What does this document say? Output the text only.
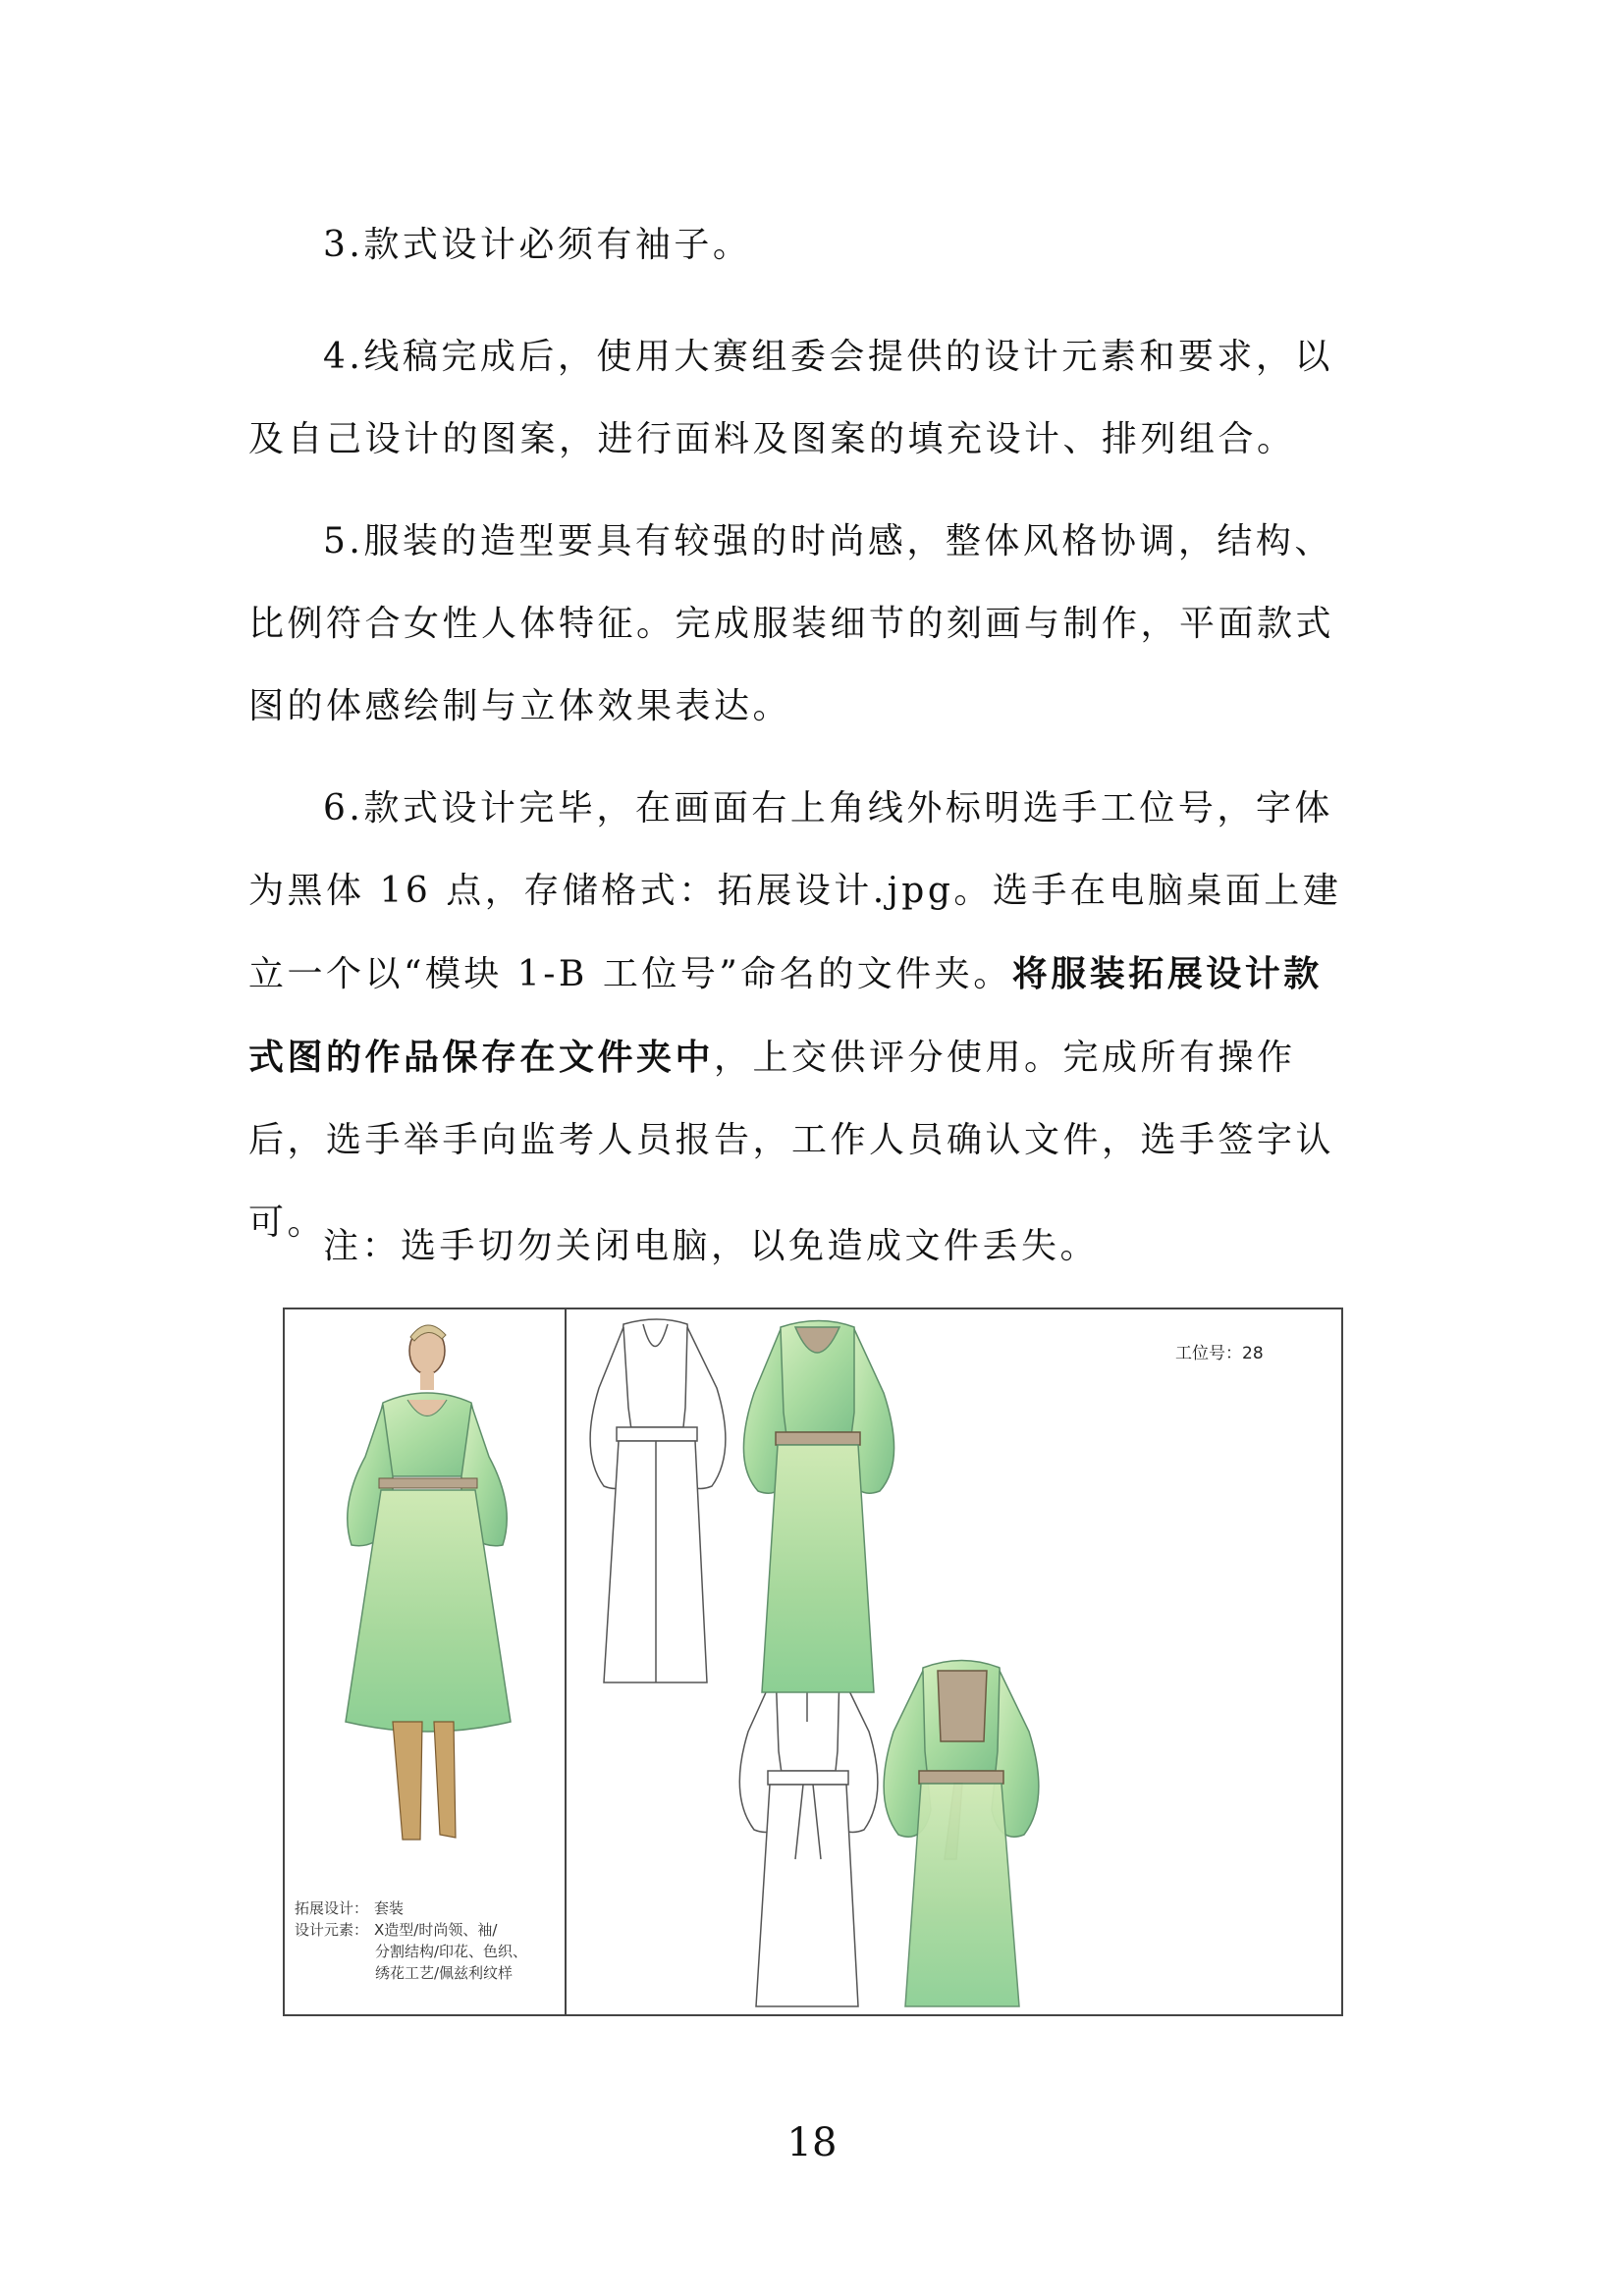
3.款式设计必须有袖子。

4.线稿完成后，使用大赛组委会提供的设计元素和要求，以及自己设计的图案，进行面料及图案的填充设计、排列组合。

5.服装的造型要具有较强的时尚感，整体风格协调，结构、比例符合女性人体特征。完成服装细节的刻画与制作，平面款式图的体感绘制与立体效果表达。

6.款式设计完毕，在画面右上角线外标明选手工位号，字体为黑体 16 点，存储格式：拓展设计.jpg。选手在电脑桌面上建立一个以“模块 1-B 工位号”命名的文件夹。将服装拓展设计款式图的作品保存在文件夹中，上交供评分使用。完成所有操作后，选手举手向监考人员报告，工作人员确认文件，选手签字认可。

注：选手切勿关闭电脑，以免造成文件丢失。

拓展设计： 套装
设计元素： X造型/时尚领、袖/
分割结构/印花、色织、
绣花工艺/佩兹利纹样
工位号：28
18
